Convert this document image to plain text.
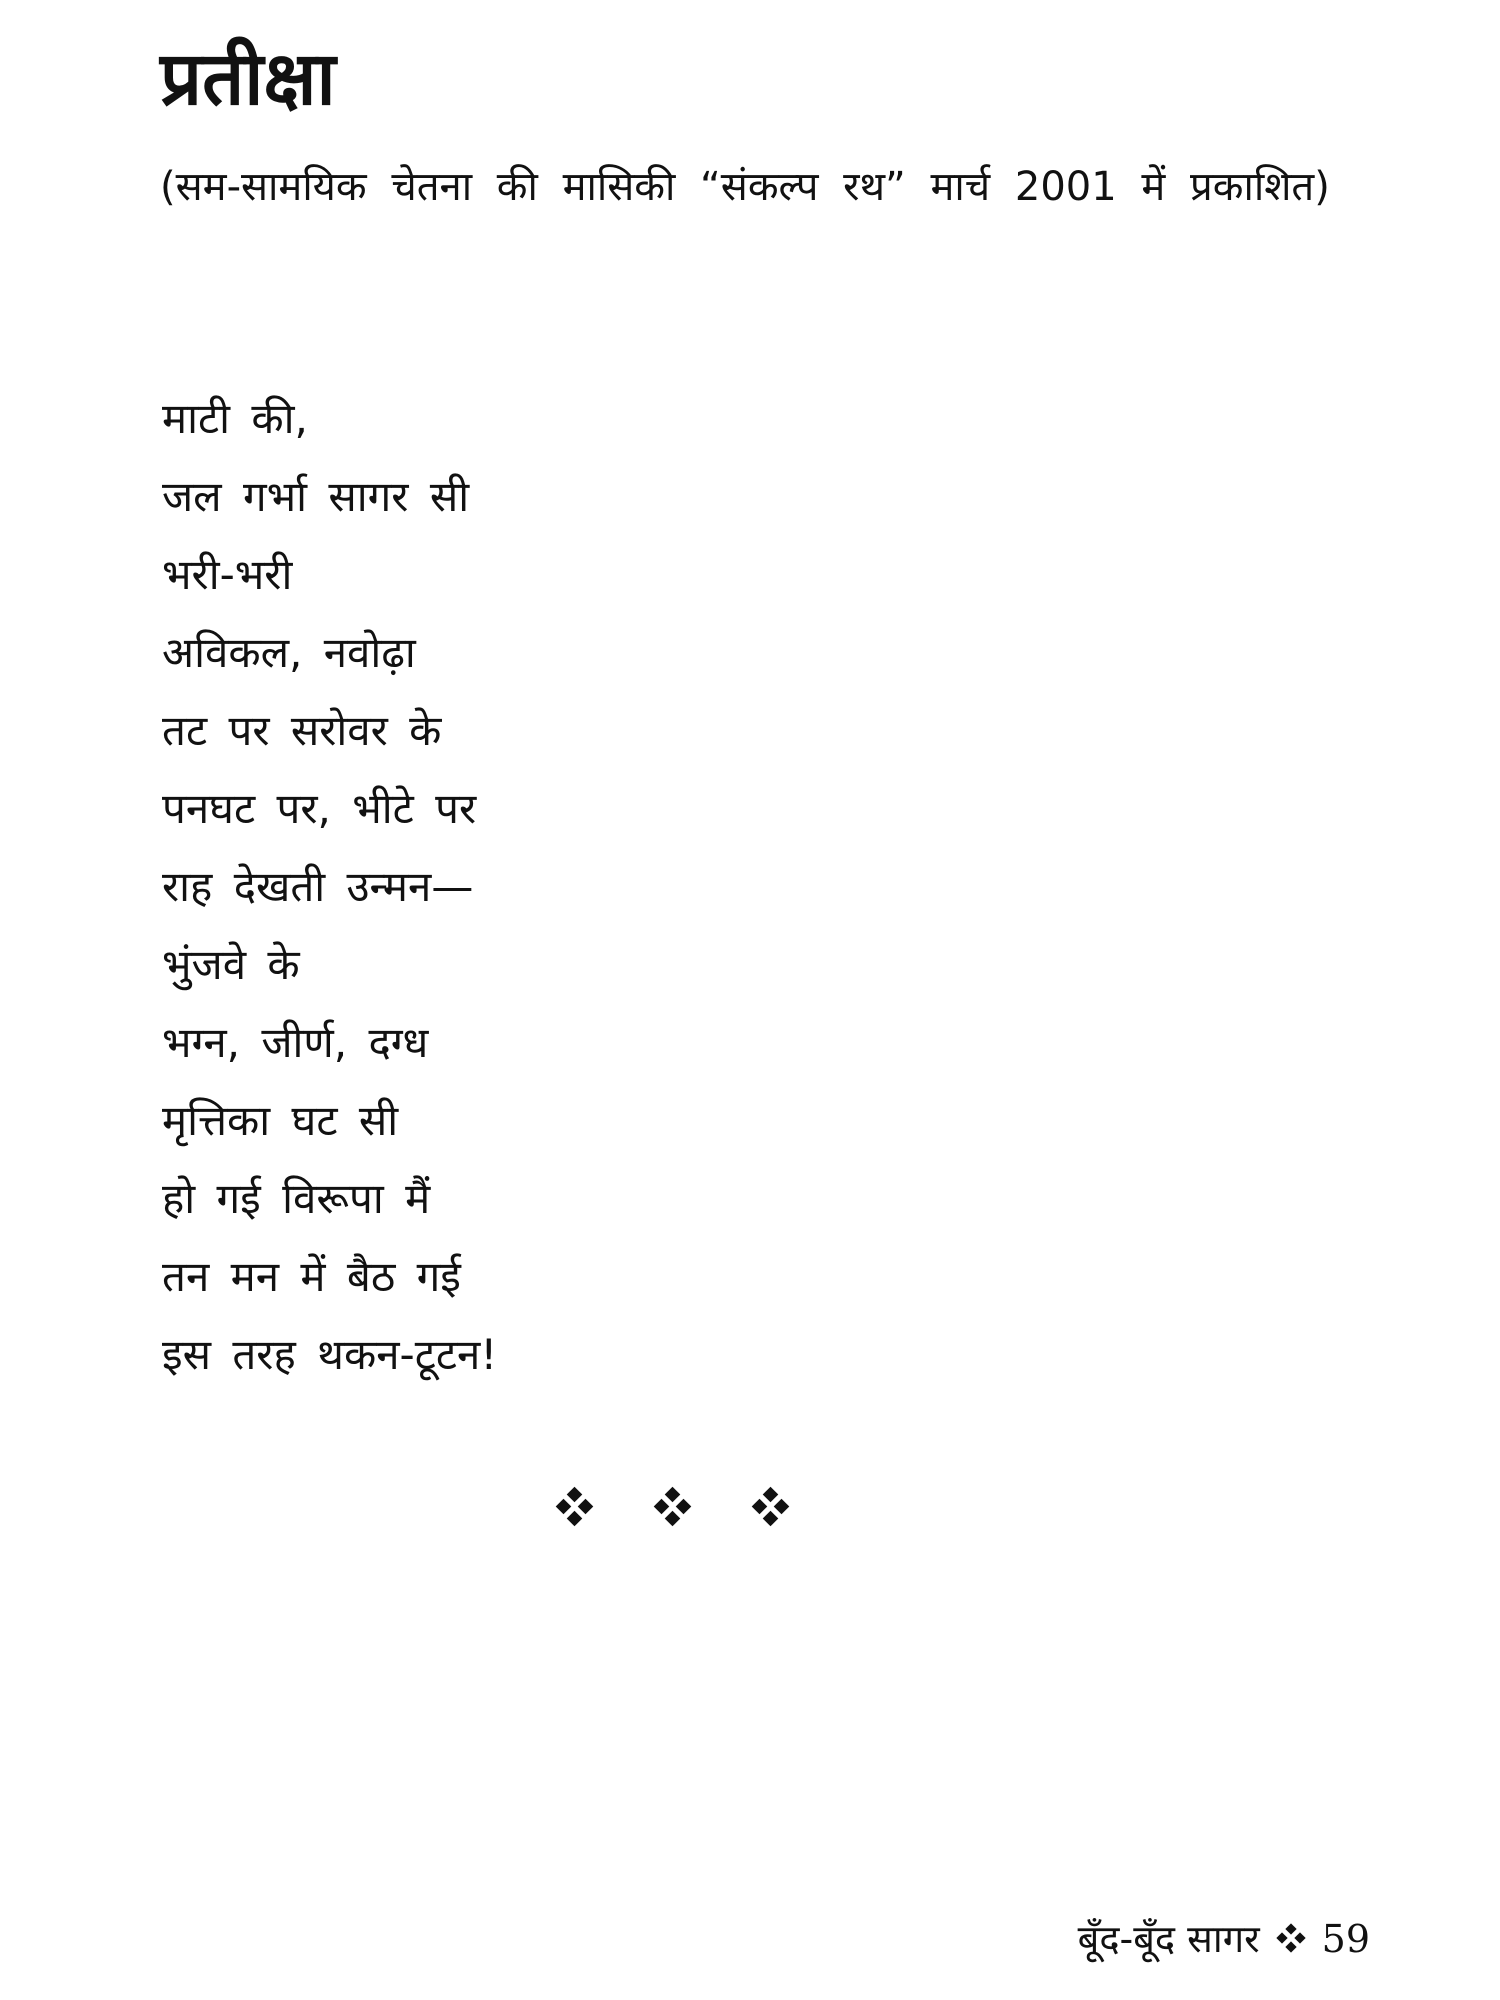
प्रतीक्षा

(सम-सामयिक चेतना की मासिकी “संकल्प रथ” मार्च 2001 में प्रकाशित)

माटी की,
जल गर्भा सागर सी
भरी-भरी
अविकल, नवोढ़ा
तट पर सरोवर के
पनघट पर, भीटे पर
राह देखती उन्मन—
भुंजवे के
भग्न, जीर्ण, दग्ध
मृत्तिका घट सी
हो गई विरूपा मैं
तन मन में बैठ गई
इस तरह थकन-टूटन!
बूँद-बूँद सागर 59
